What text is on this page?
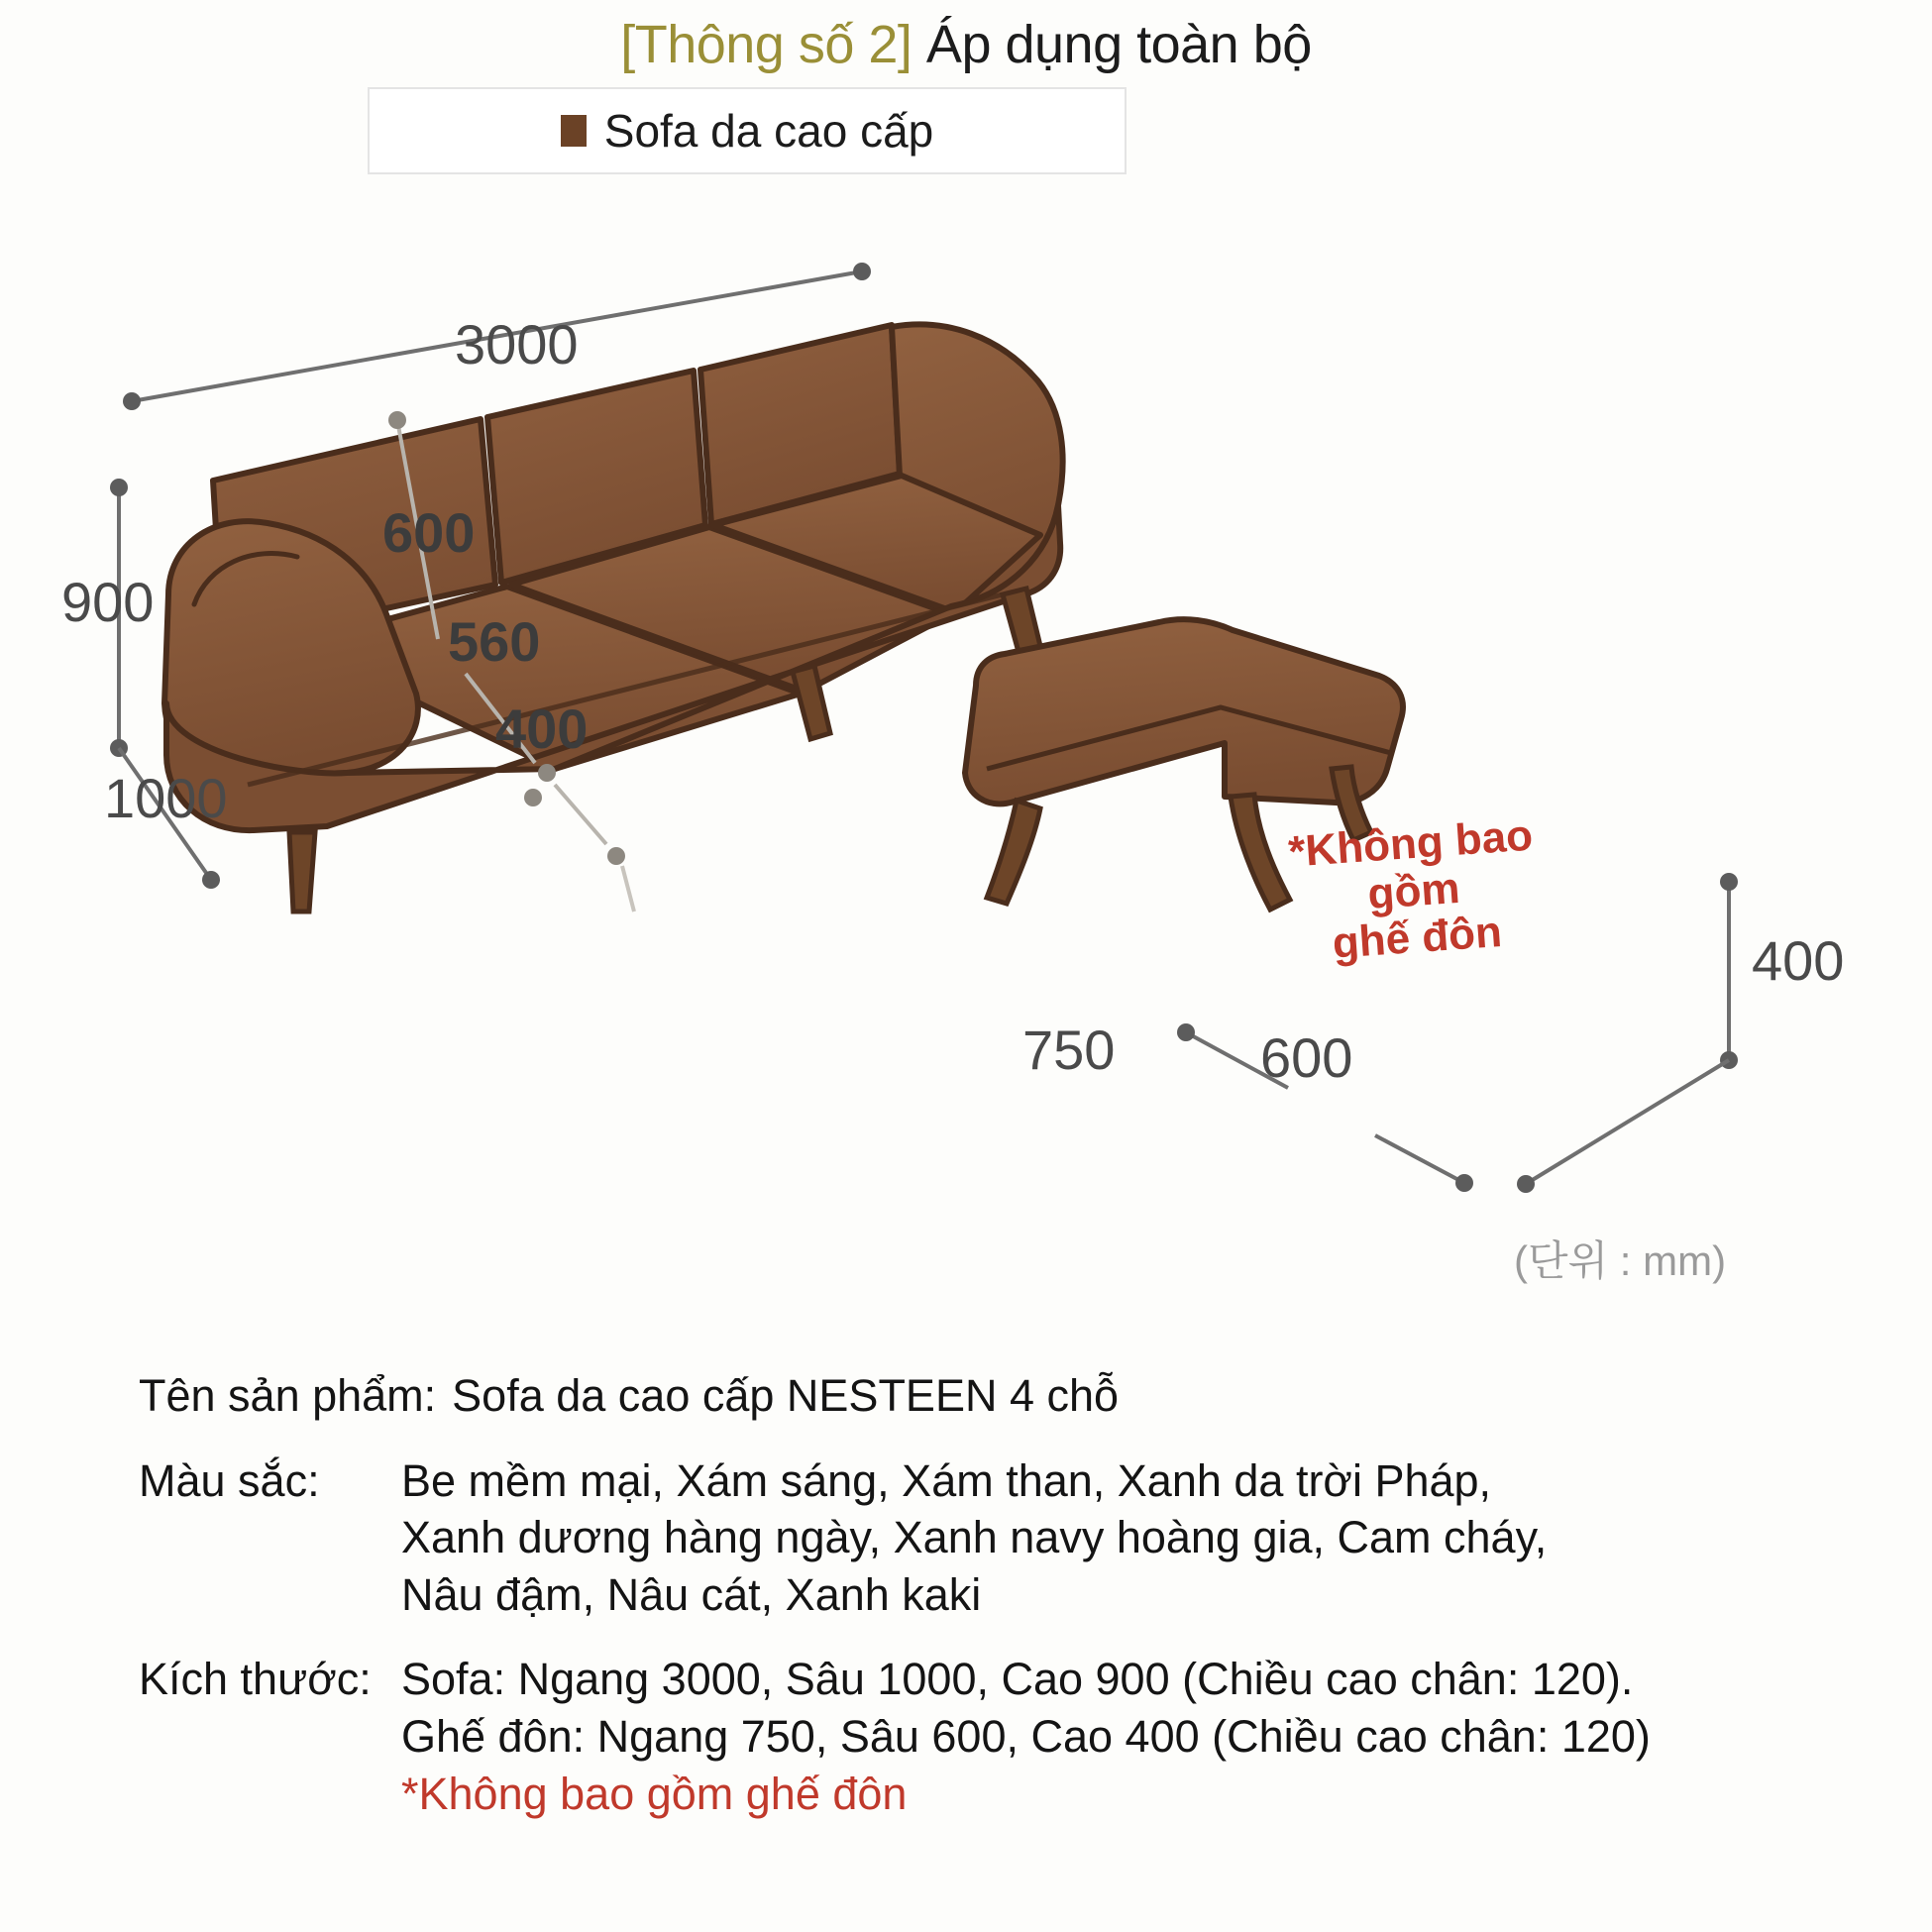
[Thông số 2] Áp dụng toàn bộ
Sofa da cao cấp
3000
900
1000
600
560
400
750	600
400
*Không bao gồm
ghế đôn
(단위 : mm)
Tên sản phẩm: Sofa da cao cấp NESTEEN 4 chỗ
Màu sắc:	Be mềm mại, Xám sáng, Xám than, Xanh da trời Pháp,
Xanh dương hàng ngày, Xanh navy hoàng gia, Cam cháy,
Nâu đậm, Nâu cát, Xanh kaki
Kích thước: Sofa: Ngang 3000, Sâu 1000, Cao 900 (Chiều cao chân: 120).
Ghế đôn: Ngang 750, Sâu 600, Cao 400 (Chiều cao chân: 120)
*Không bao gồm ghế đôn
